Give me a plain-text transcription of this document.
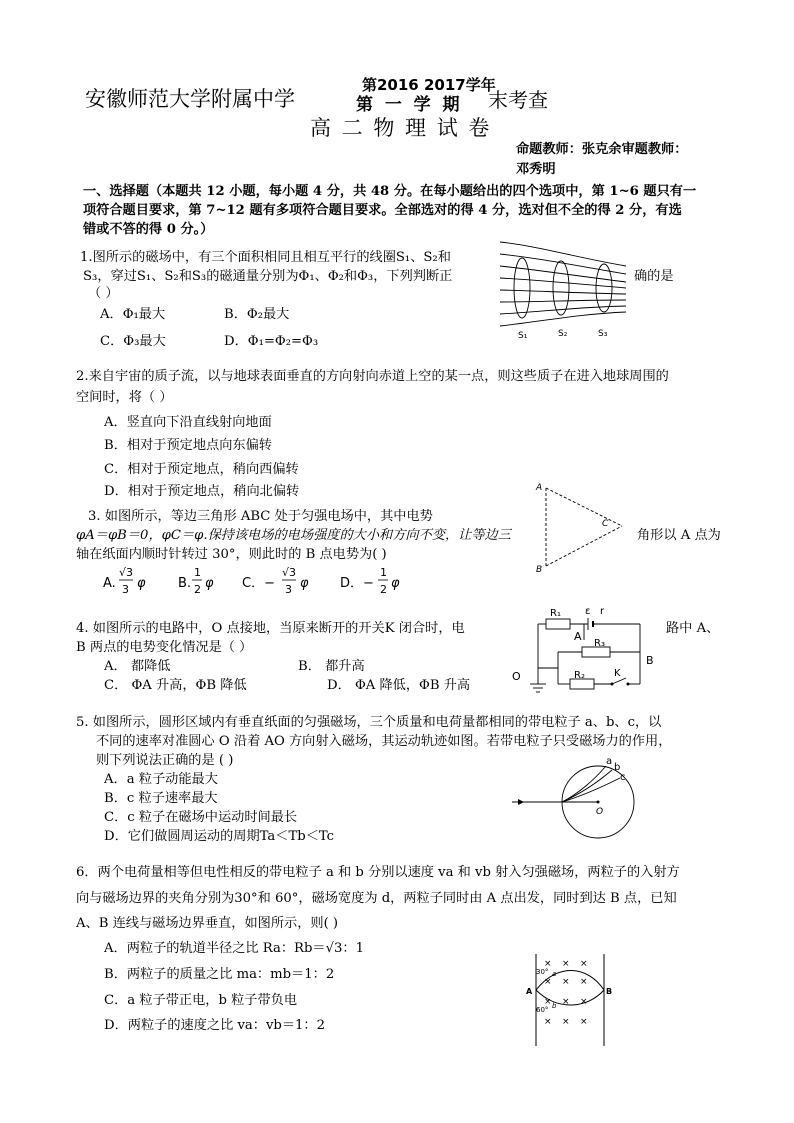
安徽师范大学附属中学
第2016 2017学年
第  一  学  期 末考查
高 二 物 理 试 卷
命题教师：张克余审题教师：
邓秀明
一、选择题（本题共 12 小题，每小题 4 分，共 48 分。在每小题给出的四个选项中，第 1~6 题只有一
项符合题目要求，第 7~12 题有多项符合题目要求。全部选对的得 4 分，选对但不全的得 2 分，有选
错或不答的得 0 分。）
1.图所示的磁场中，有三个面积相同且相互平行的线圈S₁、S₂和
S₃，穿过S₁、S₂和S₃的磁通量分别为Φ₁、Φ₂和Φ₃，下列判断正	确的是
（ ）
A．Φ₁最大	B．Φ₂最大
C．Φ₃最大	D．Φ₁=Φ₂=Φ₃	S₁	S₂	S₃
2.来自宇宙的质子流，以与地球表面垂直的方向射向赤道上空的某一点，则这些质子在进入地球周围的
空间时，将（ ）
A．竖直向下沿直线射向地面
B．相对于预定地点向东偏转
C．相对于预定地点，稍向西偏转
D．相对于预定地点，稍向北偏转
3. 如图所示，等边三角形 ABC 处于匀强电场中，其中电势
φA＝φB＝0，φC＝φ.保持该电场的电场强度的大小和方向不变，让等边三	角形以 A 点为
轴在纸面内顺时针转过 30°，则此时的 B 点电势为( )
A
B
C
A.
√3
3 φ B.
1
2 φ C．−
√3
3 φ D．−
1
2 φ
4. 如图所示的电路中，O 点接地，当原来断开的开关K 闭合时，电	路中 A、
B 两点的电势变化情况是（ ）
A． 都降低	B． 都升高
C． ΦA 升高，ΦB 降低	D． ΦA 降低，ΦB 升高
R₁ ε r
A
R₃
B
O	R₂	K
5. 如图所示，圆形区域内有垂直纸面的匀强磁场，三个质量和电荷量都相同的带电粒子 a、b、c，以
不同的速率对准圆心 O 沿着 AO 方向射入磁场，其运动轨迹如图。若带电粒子只受磁场力的作用，
则下列说法正确的是 ( )
A．a 粒子动能最大
B．c 粒子速率最大
C．c 粒子在磁场中运动时间最长
D．它们做圆周运动的周期Ta＜Tb＜Tc
a
b
c
O
6．两个电荷量相等但电性相反的带电粒子 a 和 b 分别以速度 va 和 vb 射入匀强磁场，两粒子的入射方
向与磁场边界的夹角分别为30°和 60°，磁场宽度为 d，两粒子同时由 A 点出发，同时到达 B 点，已知
A、B 连线与磁场边界垂直，如图所示，则( )
A．两粒子的轨道半径之比 Ra：Rb＝√3：1
B．两粒子的质量之比 ma：mb＝1：2
C．a 粒子带正电，b 粒子带负电
D．两粒子的速度之比 va：vb＝1：2
× × ×
× × ×
× × ×
× × ×
A	B
30°
60°
a
b
